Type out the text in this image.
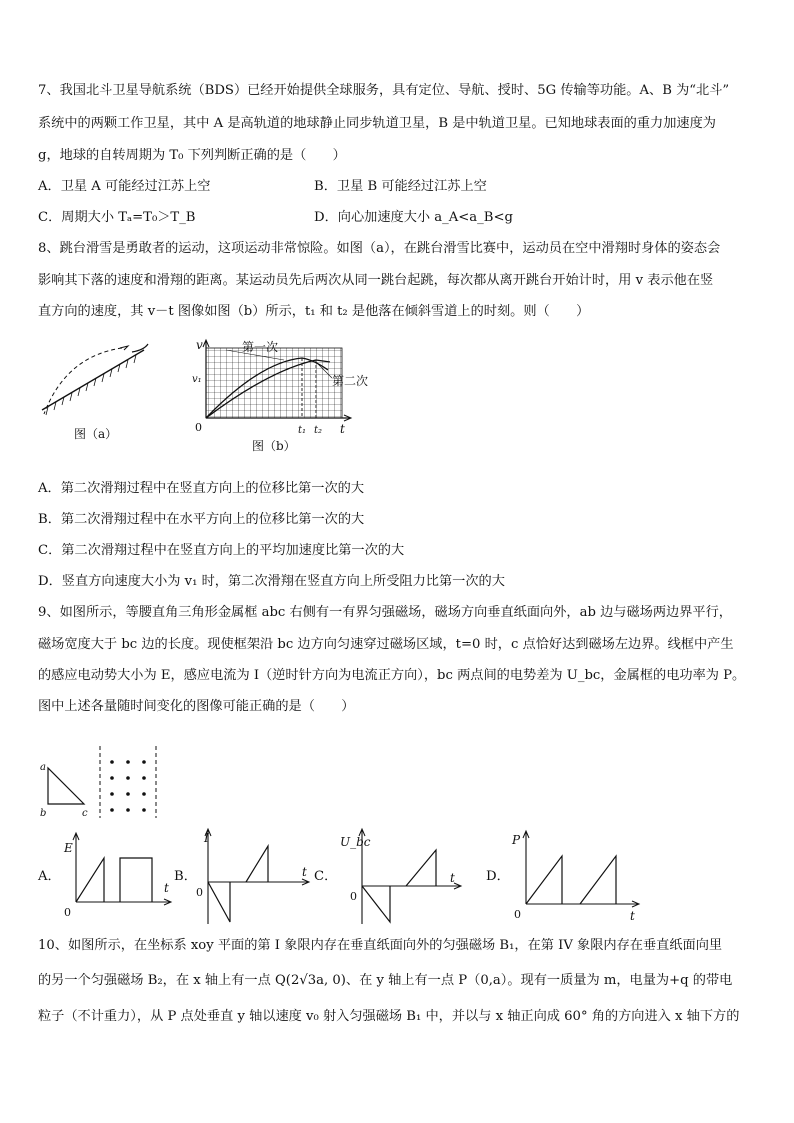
7、我国北斗卫星导航系统（BDS）已经开始提供全球服务，具有定位、导航、授时、5G 传输等功能。A、B 为“北斗”
系统中的两颗工作卫星，其中 A 是高轨道的地球静止同步轨道卫星，B 是中轨道卫星。已知地球表面的重力加速度为
g，地球的自转周期为 T₀ 下列判断正确的是（　　）
A．卫星 A 可能经过江苏上空	B．卫星 B 可能经过江苏上空
C．周期大小 Tₐ=T₀＞T_B	D．向心加速度大小 a_A<a_B<g
8、跳台滑雪是勇敢者的运动，这项运动非常惊险。如图（a），在跳台滑雪比赛中，运动员在空中滑翔时身体的姿态会
影响其下落的速度和滑翔的距离。某运动员先后两次从同一跳台起跳，每次都从离开跳台开始计时，用 v 表示他在竖
直方向的速度，其 v－t 图像如图（b）所示，t₁ 和 t₂ 是他落在倾斜雪道上的时刻。则（　　）
图（a）
v
v₁
0	t
t₁ t₂
第一次
第二次
图（b）
A．第二次滑翔过程中在竖直方向上的位移比第一次的大
B．第二次滑翔过程中在水平方向上的位移比第一次的大
C．第二次滑翔过程中在竖直方向上的平均加速度比第一次的大
D．竖直方向速度大小为 v₁ 时，第二次滑翔在竖直方向上所受阻力比第一次的大
9、如图所示，等腰直角三角形金属框 abc 右侧有一有界匀强磁场，磁场方向垂直纸面向外，ab 边与磁场两边界平行，
磁场宽度大于 bc 边的长度。现使框架沿 bc 边方向匀速穿过磁场区域，t=0 时，c 点恰好达到磁场左边界。线框中产生
的感应电动势大小为 E，感应电流为 I（逆时针方向为电流正方向），bc 两点间的电势差为 U_bc，金属框的电功率为 P。
图中上述各量随时间变化的图像可能正确的是（　　）
a
b	c
A．
E
t
0
B．
I
t
0
C．
U_bc
t
0
D．
P
t
0
10、如图所示，在坐标系 xoy 平面的第 I 象限内存在垂直纸面向外的匀强磁场 B₁，在第 IV 象限内存在垂直纸面向里
的另一个匀强磁场 B₂，在 x 轴上有一点 Q(2√3a, 0)、在 y 轴上有一点 P（0,a）。现有一质量为 m，电量为+q 的带电
粒子（不计重力），从 P 点处垂直 y 轴以速度 v₀ 射入匀强磁场 B₁ 中，并以与 x 轴正向成 60° 角的方向进入 x 轴下方的
